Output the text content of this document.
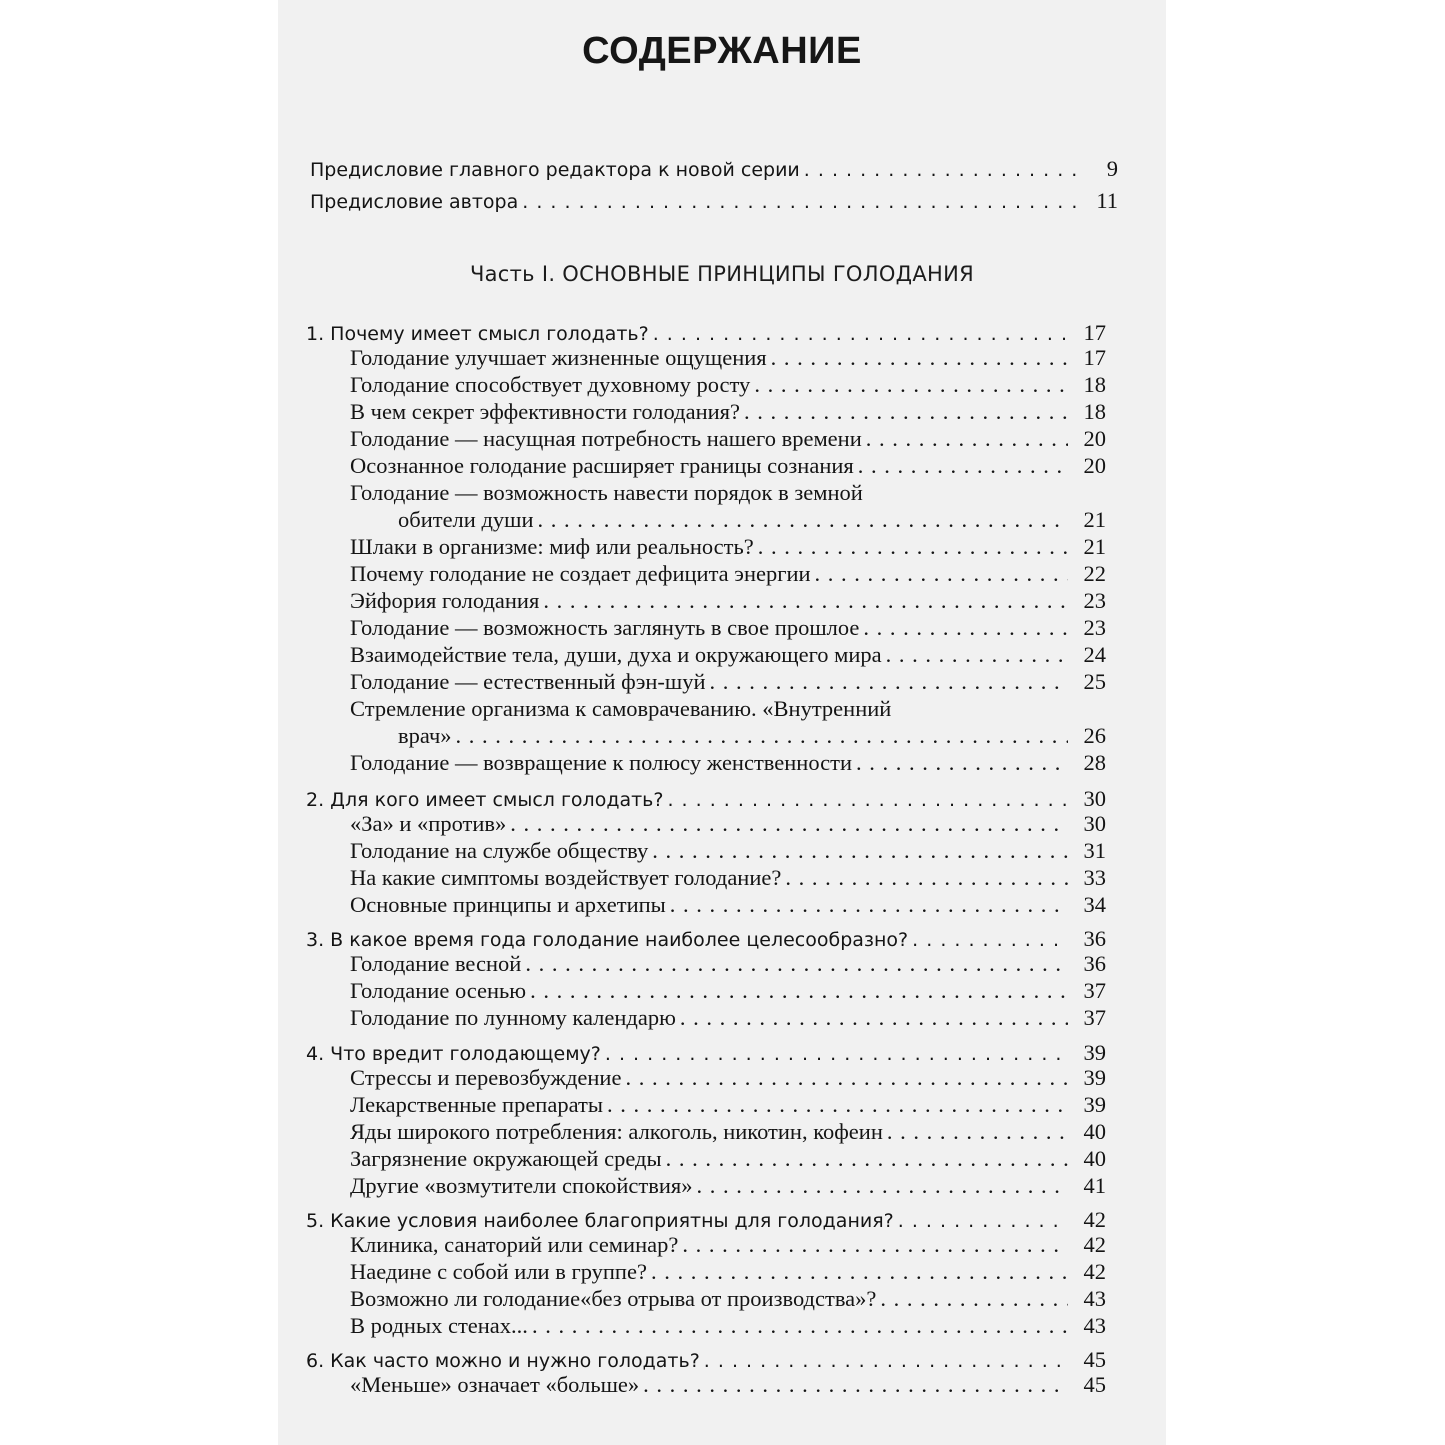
СОДЕРЖАНИЕ
Предисловие главного редактора к новой серии . . .	9
Предисловие автора . . .	11
Часть I. ОСНОВНЫЕ ПРИНЦИПЫ ГОЛОДАНИЯ
1. Почему имеет смысл голодать? . . .	17
Голодание улучшает жизненные ощущения . . .	17
Голодание способствует духовному росту . . .	18
В чем секрет эффективности голодания? . . .	18
Голодание — насущная потребность нашего времени . . .	20
Осознанное голодание расширяет границы сознания . . .	20
Голодание — возможность навести порядок в земной
обители души . . .	21
Шлаки в организме: миф или реальность? . . .	21
Почему голодание не создает дефицита энергии . . .	22
Эйфория голодания . . .	23
Голодание — возможность заглянуть в свое прошлое . . .	23
Взаимодействие тела, души, духа и окружающего мира . . .	24
Голодание — естественный фэн-шуй . . .	25
Стремление организма к самоврачеванию. «Внутренний
врач» . . .	26
Голодание — возвращение к полюсу женственности . . .	28
2. Для кого имеет смысл голодать? . . .	30
«За» и «против» . . .	30
Голодание на службе обществу . . .	31
На какие симптомы воздействует голодание? . . .	33
Основные принципы и архетипы . . .	34
3. В какое время года голодание наиболее целесообразно? . . .	36
Голодание весной . . .	36
Голодание осенью . . .	37
Голодание по лунному календарю . . .	37
4. Что вредит голодающему? . . .	39
Стрессы и перевозбуждение . . .	39
Лекарственные препараты . . .	39
Яды широкого потребления: алкоголь, никотин, кофеин . . .	40
Загрязнение окружающей среды . . .	40
Другие «возмутители спокойствия» . . .	41
5. Какие условия наиболее благоприятны для голодания? . . .	42
Клиника, санаторий или семинар? . . .	42
Наедине с собой или в группе? . . .	42
Возможно ли голодание«без отрыва от производства»? . . .	43
В родных стенах... . . .	43
6. Как часто можно и нужно голодать? . . .	45
«Меньше» означает «больше» . . .	45
